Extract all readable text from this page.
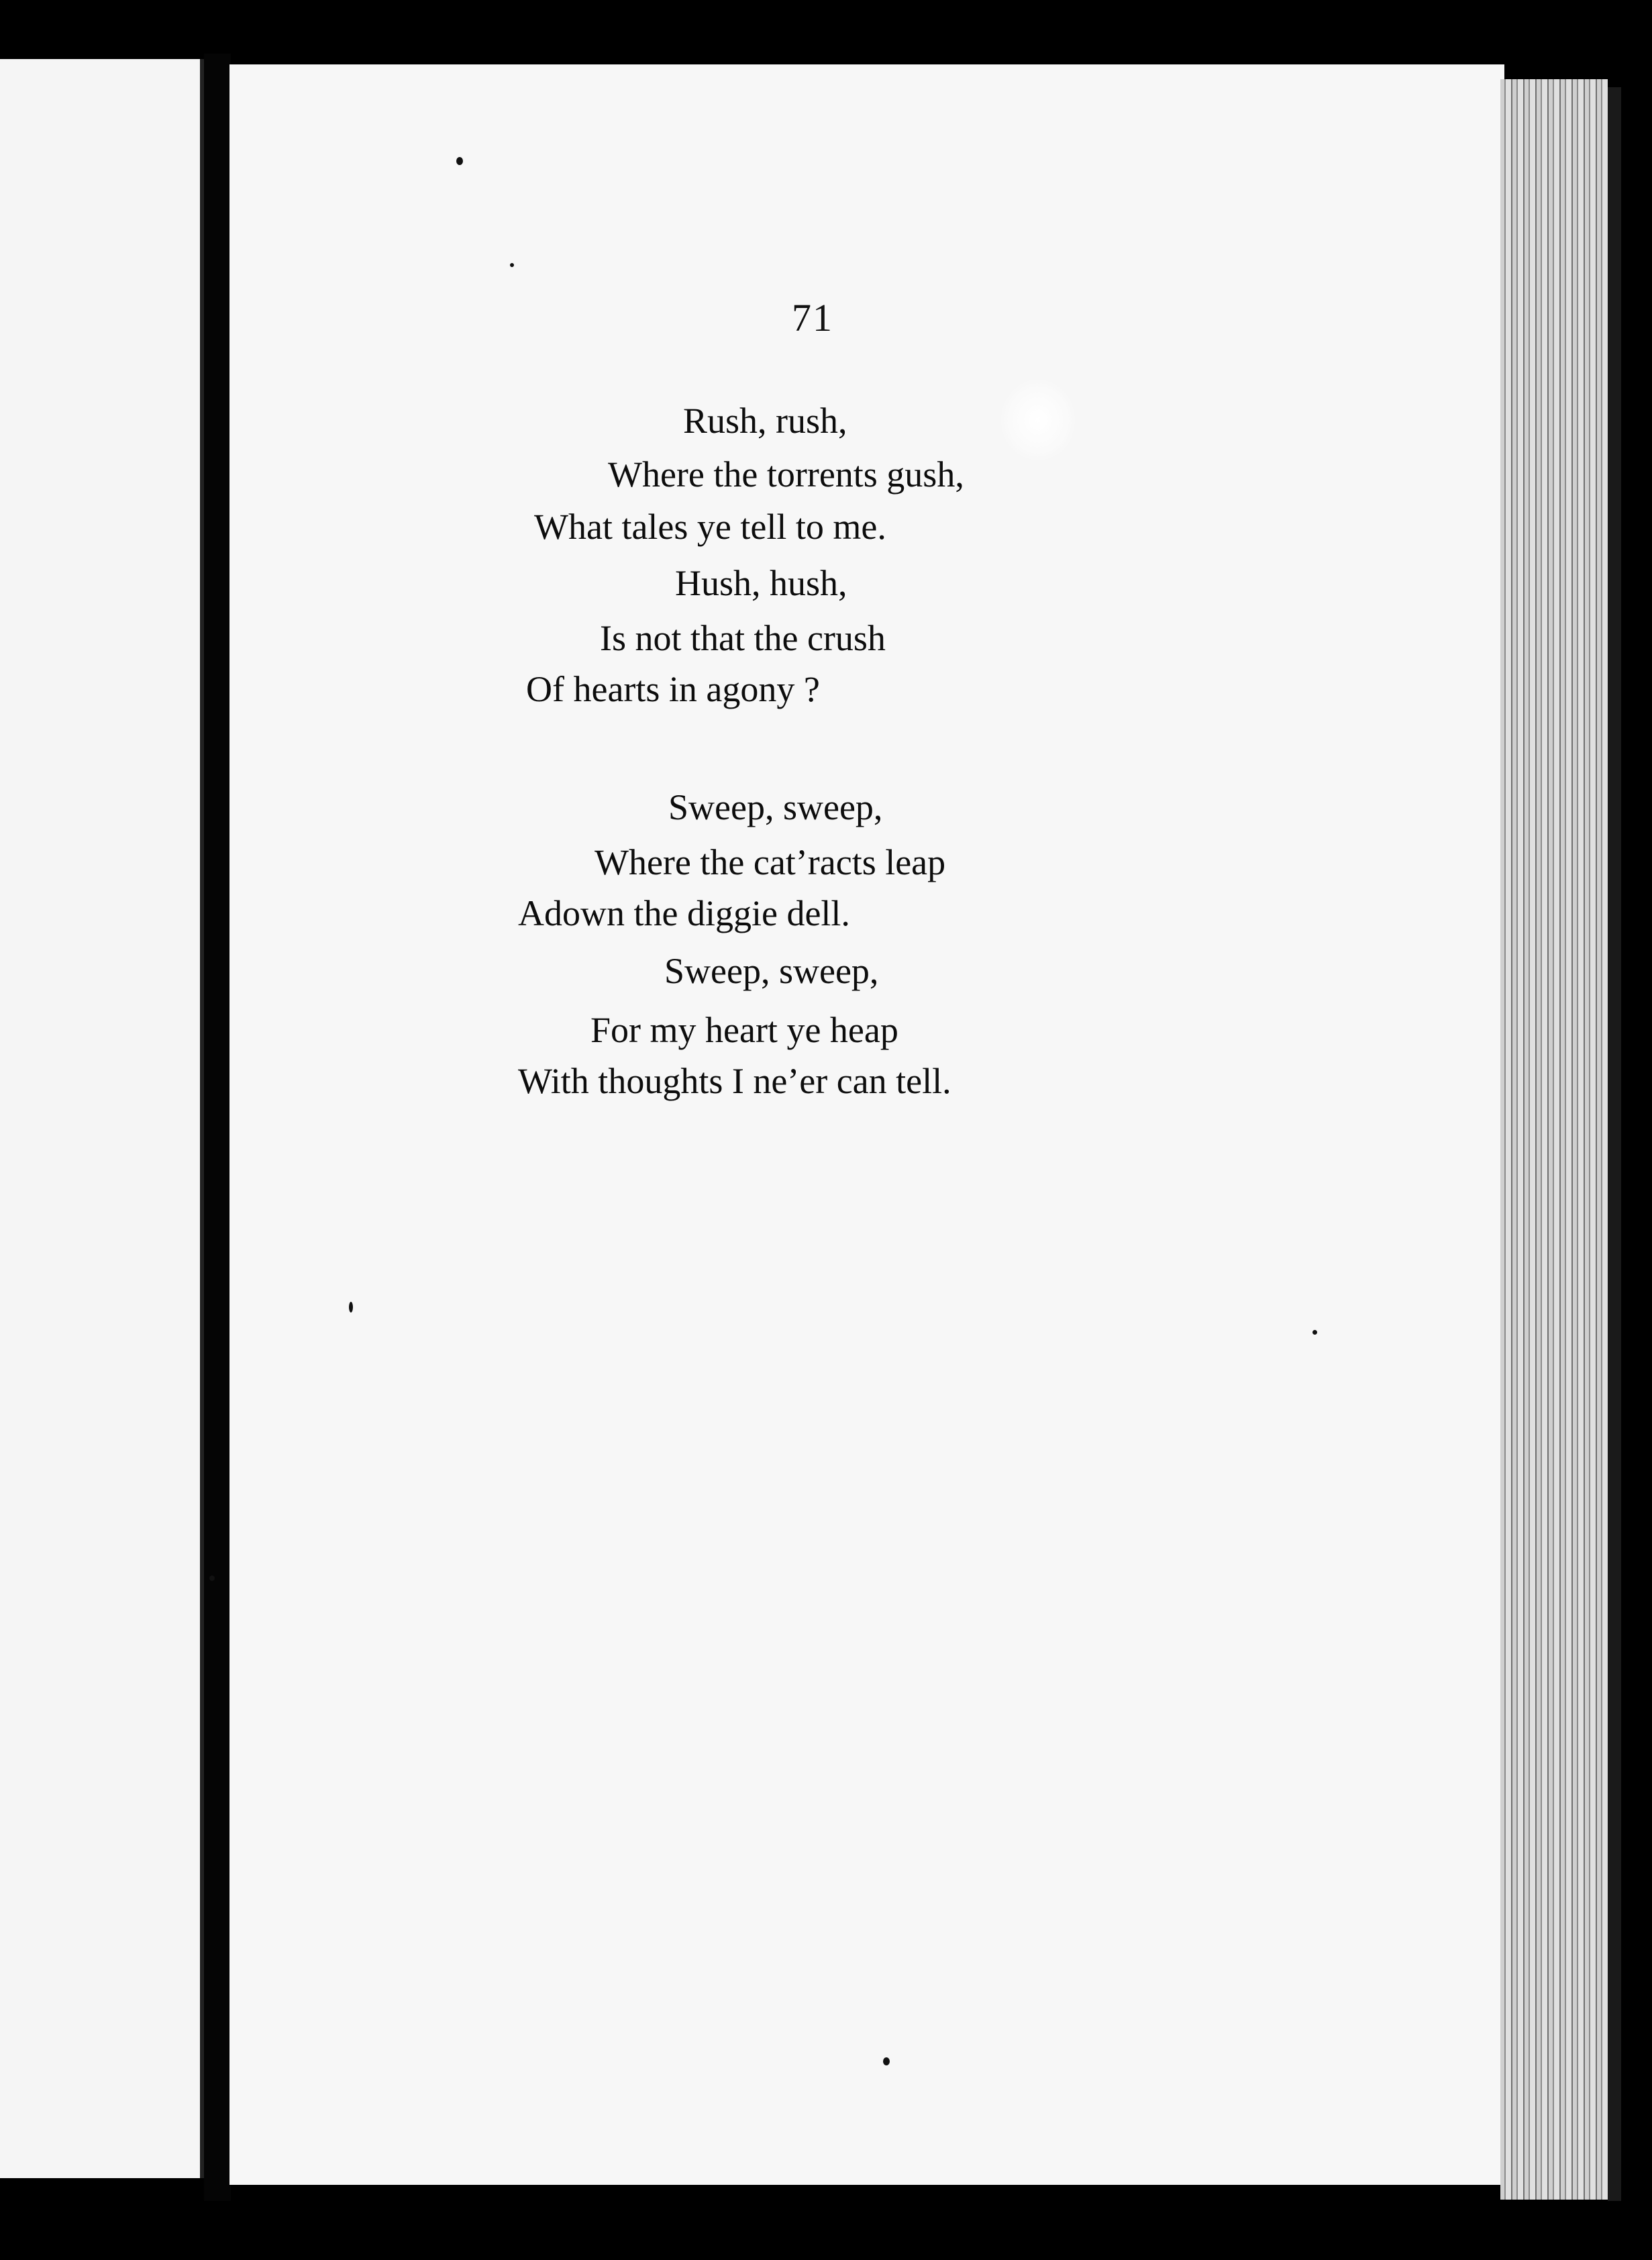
71
Rush, rush,
Where the torrents gush,
What tales ye tell to me.
Hush, hush,
Is not that the crush
Of hearts in agony ?
Sweep, sweep,
Where the cat’racts leap
Adown the diggie dell.
Sweep, sweep,
For my heart ye heap
With thoughts I ne’er can tell.
